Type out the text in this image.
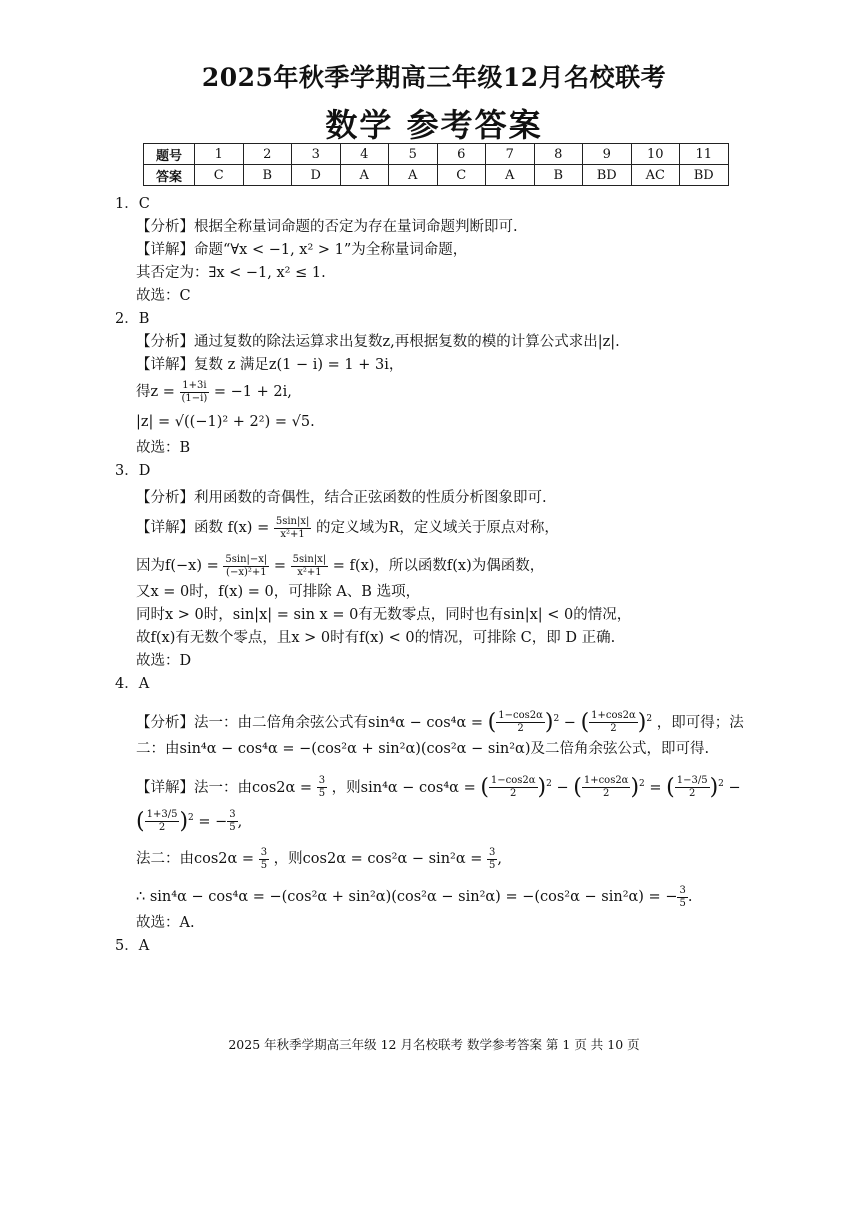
2025年秋季学期高三年级12月名校联考
数学 参考答案
题号	1	2	3	4	5	6	7	8	9	10	11
答案	C	B	D	A	A	C	A	B	BD	AC	BD

1．C

【分析】根据全称量词命题的否定为存在量词命题判断即可.

【详解】命题“∀x < −1, x² > 1”为全称量词命题，

其否定为：∃x < −1, x² ≤ 1.

故选：C

2．B

【分析】通过复数的除法运算求出复数z,再根据复数的模的计算公式求出|z|.

【详解】复数 z 满足z(1 − i) = 1 + 3i，

得$z = \frac{1+3i}{(1-i)} = -1 + 2i$,

|z| = √((−1)² + 2²) = √5.

故选：B

3．D

【分析】利用函数的奇偶性，结合正弦函数的性质分析图象即可.

【详解】函数 $f(x) = \frac{5\sin|x|}{\text{x²+1}}$ 的定义域为R，定义域关于原点对称，

因为$f(-x) = \frac{5\sin|-x|}{\text{(−x)²+1}} = \frac{5\sin|x|}{\text{x²+1}} = f(x)$，所以函数f(x)为偶函数，

又x = 0时，f(x) = 0，可排除 A、B 选项，

同时x > 0时，sin|x| = sin x = 0有无数零点，同时也有sin|x| < 0的情况，

故f(x)有无数个零点，且x > 0时有f(x) < 0的情况，可排除 C，即 D 正确.

故选：D

4．A

【分析】法一：由二倍角余弦公式有sin⁴α − cos⁴α = ( $\frac{1-\cos 2\alpha}{2} )^2$ − ( $\frac{1+\cos 2\alpha}{2} )^2$ ，即可得；法

二：由sin⁴α − cos⁴α = −(cos²α + sin²α)(cos²α − sin²α)及二倍角余弦公式，即可得.

【详解】法一：由$\cos 2\alpha = \frac{3}{5}$ ，则sin⁴α − cos⁴α = ( $\frac{1-\cos 2\alpha}{2} )^2$ − ( $\frac{1+\cos 2\alpha}{2} )^2$ = ( $\frac{1-3/5}{2} )^2$ −

( $\frac{1+3/5}{2} )^2$ = − $\frac{3}{5}$ ,

法二：由$\cos 2\alpha = \frac{3}{5}$ ，则$\cos 2\alpha = \cos^2\alpha - \sin^2\alpha = \frac{3}{5}$ ,

∴ sin⁴α − cos⁴α = −(cos²α + sin²α)(cos²α − sin²α) = −(cos²α − sin²α) = − $\frac{3}{5}$ .

故选：A.

5．A

2025 年秋季学期高三年级 12 月名校联考 数学参考答案 第 1 页 共 10 页
